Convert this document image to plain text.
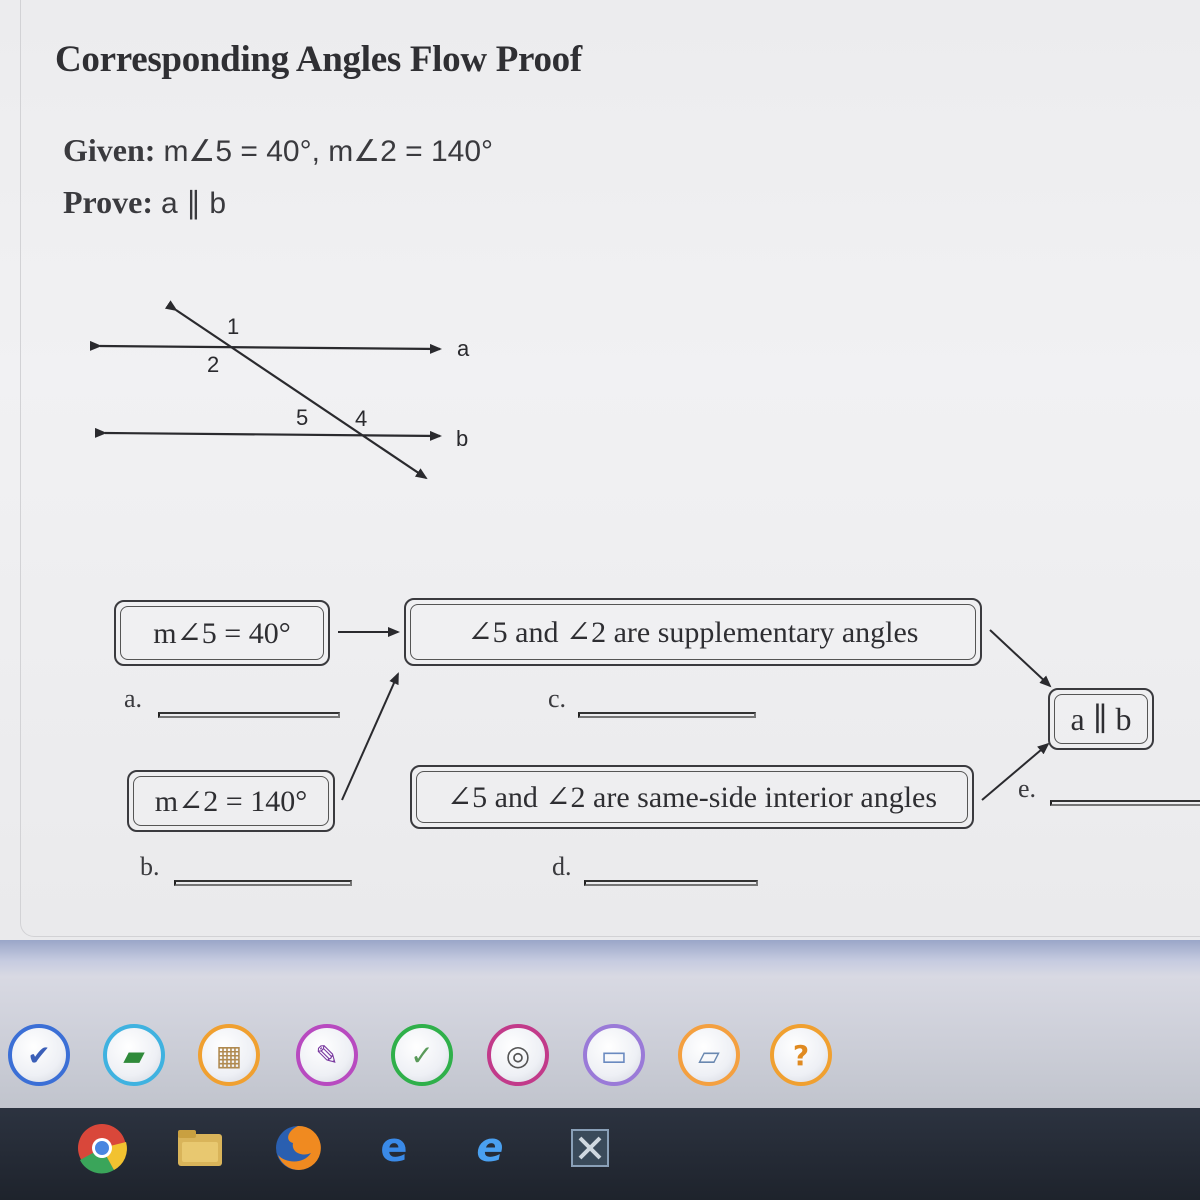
Corresponding Angles Flow Proof
Given: m∠5 = 40°, m∠2 = 140°
Prove: a ∥ b
1
2
5 4
a
b
m∠5 = 40°	∠5 and ∠2 are supplementary angles
m∠2 = 140°	∠5 and ∠2 are same-side interior angles
a ∥ b
a.	c.
b.	d.
e.
✔	▰	▦	✎	✓	◎	▭	▱	?
e	e
